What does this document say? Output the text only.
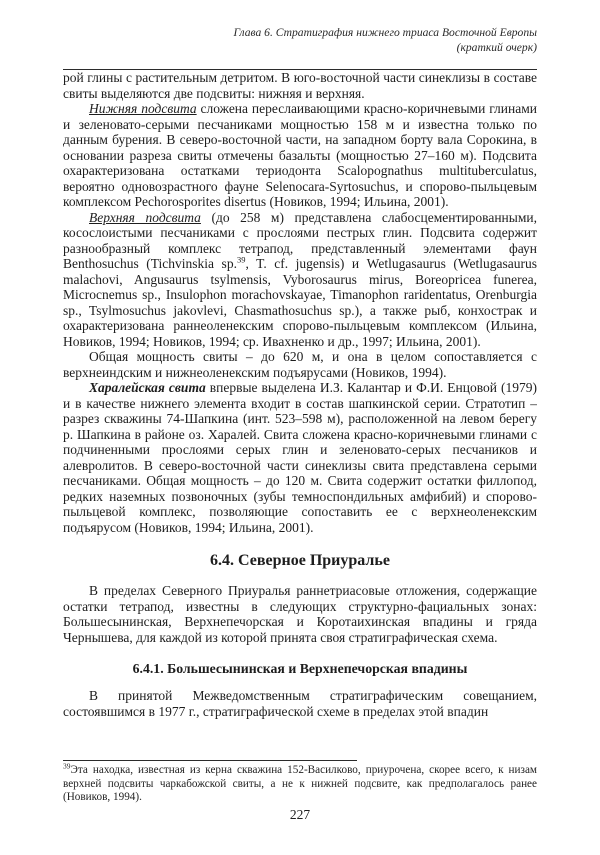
Глава 6. Стратиграфия нижнего триаса Восточной Европы
(краткий очерк)

рой глины с растительным детритом. В юго-восточной части синеклизы в составе свиты выделяются две подсвиты: нижняя и верхняя.

Нижняя подсвита сложена переслаивающими красно-коричневыми глинами и зеленовато-серыми песчаниками мощностью 158 м и известна только по данным бурения. В северо-восточной части, на западном борту вала Сорокина, в основании разреза свиты отмечены базальты (мощностью 27–160 м). Подсвита охарактеризована остатками териодонта Scalopognathus multituberculatus, вероятно одновозрастного фауне Selenocara-Syrtosuchus, и спорово-пыльцевым комплексом Pechorosporites disertus (Новиков, 1994; Ильина, 2001).

Верхняя подсвита (до 258 м) представлена слабосцементированными, косослоистыми песчаниками с прослоями пестрых глин. Подсвита содержит разнообразный комплекс тетрапод, представленный элементами фаун Benthosuchus (Tichvinskia sp.$^{39}$, T. cf. jugensis) и Wetlugasaurus (Wetlugasaurus malachovi, Angusaurus tsylmensis, Vyborosaurus mirus, Boreopricea funerea, Microcnemus sp., Insulophon morachovskayae, Timanophon raridentatus, Orenburgia sp., Tsylmosuchus jakovlevi, Chasmathosuchus sp.), а также рыб, конхострак и охарактеризована раннеоленекским спорово-пыльцевым комплексом (Ильина, Новиков, 1994; Новиков, 1994; ср. Ивахненко и др., 1997; Ильина, 2001).

Общая мощность свиты – до 620 м, и она в целом сопоставляется с верхнеиндским и нижнеоленекским подъярусами (Новиков, 1994).

Харалейская свита впервые выделена И.З. Калантар и Ф.И. Енцовой (1979) и в качестве нижнего элемента входит в состав шапкинской серии. Стратотип – разрез скважины 74-Шапкина (инт. 523–598 м), расположенной на левом берегу р. Шапкина в районе оз. Харалей. Свита сложена красно-коричневыми глинами с подчиненными прослоями серых глин и зеленовато-серых песчаников и алевролитов. В северо-восточной части синеклизы свита представлена серыми песчаниками. Общая мощность – до 120 м. Свита содержит остатки филлопод, редких наземных позвоночных (зубы темноспондильных амфибий) и спорово-пыльцевой комплекс, позволяющие сопоставить ее с верхнеоленекским подъярусом (Новиков, 1994; Ильина, 2001).

6.4. Северное Приуралье

В пределах Северного Приуралья раннетриасовые отложения, содержащие остатки тетрапод, известны в следующих структурно-фациальных зонах: Большесынинская, Верхнепечорская и Коротаихинская впадины и гряда Чернышева, для каждой из которой принята своя стратиграфическая схема.

6.4.1. Большесынинская и Верхнепечорская впадины

В принятой Межведомственным стратиграфическим совещанием, состоявшимся в 1977 г., стратиграфической схеме в пределах этой впадин

$^{39}$Эта находка, известная из керна скважина 152-Василково, приурочена, скорее всего, к низам верхней подсвиты чаркабожской свиты, а не к нижней подсвите, как предполагалось ранее (Новиков, 1994).

227
